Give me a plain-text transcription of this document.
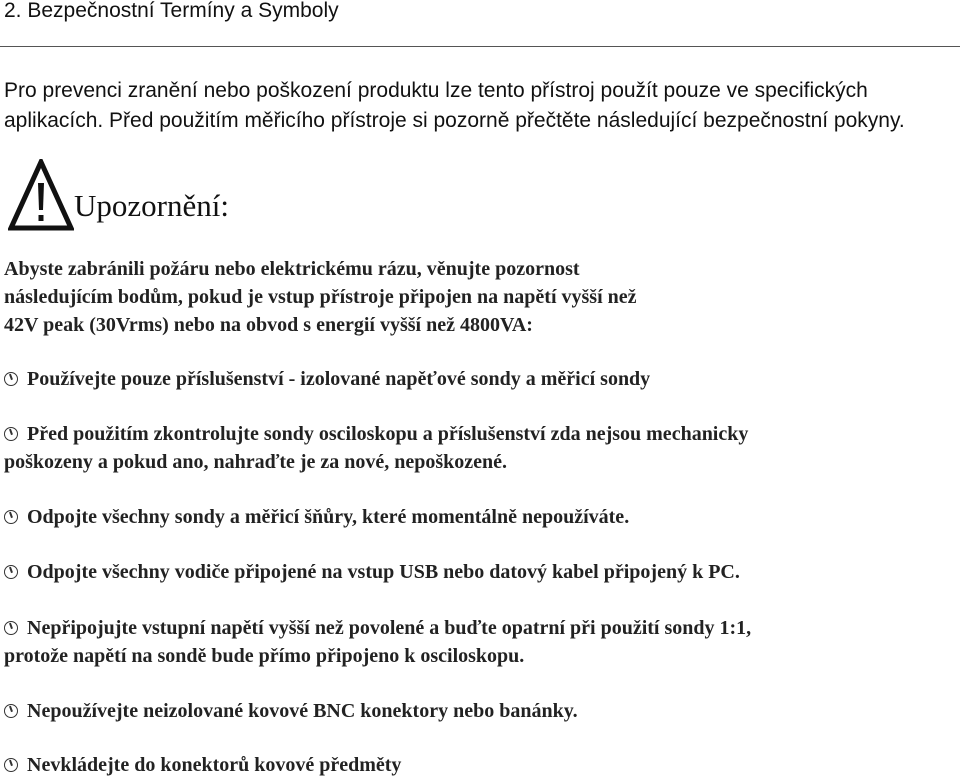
2. Bezpečnostní Termíny a Symboly

Pro prevenci zranění nebo poškození produktu lze tento přístroj použít pouze ve specifických

aplikacích. Před použitím měřicího přístroje si pozorně přečtěte následující bezpečnostní pokyny.

Upozornění:

Abyste zabránili požáru nebo elektrickému rázu, věnujte pozornost

následujícím bodům, pokud je vstup přístroje připojen na napětí vyšší než

42V peak (30Vrms) nebo na obvod s energií vyšší než 4800VA:

Používejte pouze příslušenství - izolované napěťové sondy a měřicí sondy
Před použitím zkontrolujte sondy osciloskopu a příslušenství zda nejsou mechanicky
poškozeny a pokud ano, nahraďte je za nové, nepoškozené.
Odpojte všechny sondy a měřicí šňůry, které momentálně nepoužíváte.
Odpojte všechny vodiče připojené na vstup USB nebo datový kabel připojený k PC.
Nepřipojujte vstupní napětí vyšší než povolené a buďte opatrní při použití sondy 1:1,
protože napětí na sondě bude přímo připojeno k osciloskopu.
Nepoužívejte neizolované kovové BNC konektory nebo banánky.
Nevkládejte do konektorů kovové předměty
